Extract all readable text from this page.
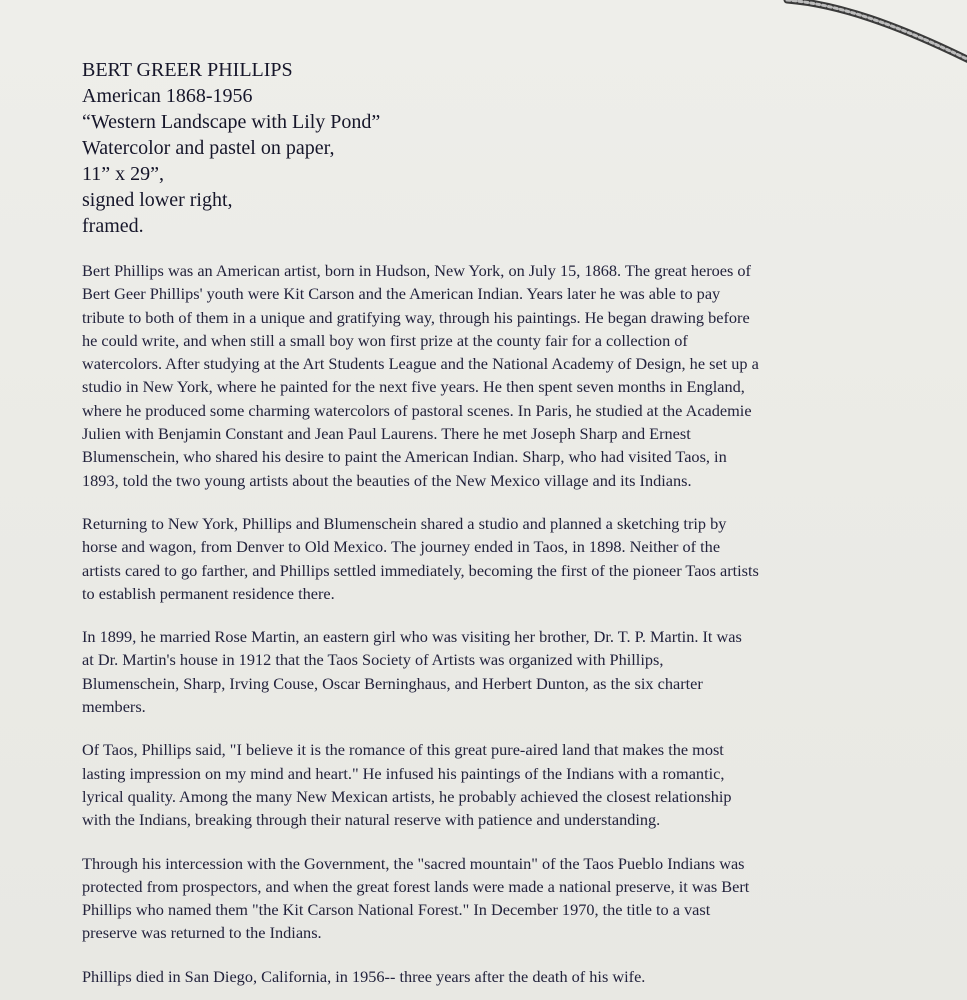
BERT GREER PHILLIPS
American 1868-1956
“Western Landscape with Lily Pond”
Watercolor and pastel on paper,
11” x 29”,
signed lower right,
framed.

Bert Phillips was an American artist, born in Hudson, New York, on July 15, 1868. The great heroes of
Bert Geer Phillips' youth were Kit Carson and the American Indian. Years later he was able to pay
tribute to both of them in a unique and gratifying way, through his paintings. He began drawing before
he could write, and when still a small boy won first prize at the county fair for a collection of
watercolors. After studying at the Art Students League and the National Academy of Design, he set up a
studio in New York, where he painted for the next five years. He then spent seven months in England,
where he produced some charming watercolors of pastoral scenes. In Paris, he studied at the Academie
Julien with Benjamin Constant and Jean Paul Laurens. There he met Joseph Sharp and Ernest
Blumenschein, who shared his desire to paint the American Indian. Sharp, who had visited Taos, in
1893, told the two young artists about the beauties of the New Mexico village and its Indians.

Returning to New York, Phillips and Blumenschein shared a studio and planned a sketching trip by
horse and wagon, from Denver to Old Mexico. The journey ended in Taos, in 1898. Neither of the
artists cared to go farther, and Phillips settled immediately, becoming the first of the pioneer Taos artists
to establish permanent residence there.

In 1899, he married Rose Martin, an eastern girl who was visiting her brother, Dr. T. P. Martin. It was
at Dr. Martin's house in 1912 that the Taos Society of Artists was organized with Phillips,
Blumenschein, Sharp, Irving Couse, Oscar Berninghaus, and Herbert Dunton, as the six charter
members.

Of Taos, Phillips said, "I believe it is the romance of this great pure-aired land that makes the most
lasting impression on my mind and heart." He infused his paintings of the Indians with a romantic,
lyrical quality. Among the many New Mexican artists, he probably achieved the closest relationship
with the Indians, breaking through their natural reserve with patience and understanding.

Through his intercession with the Government, the "sacred mountain" of the Taos Pueblo Indians was
protected from prospectors, and when the great forest lands were made a national preserve, it was Bert
Phillips who named them "the Kit Carson National Forest." In December 1970, the title to a vast
preserve was returned to the Indians.

Phillips died in San Diego, California, in 1956-- three years after the death of his wife.
